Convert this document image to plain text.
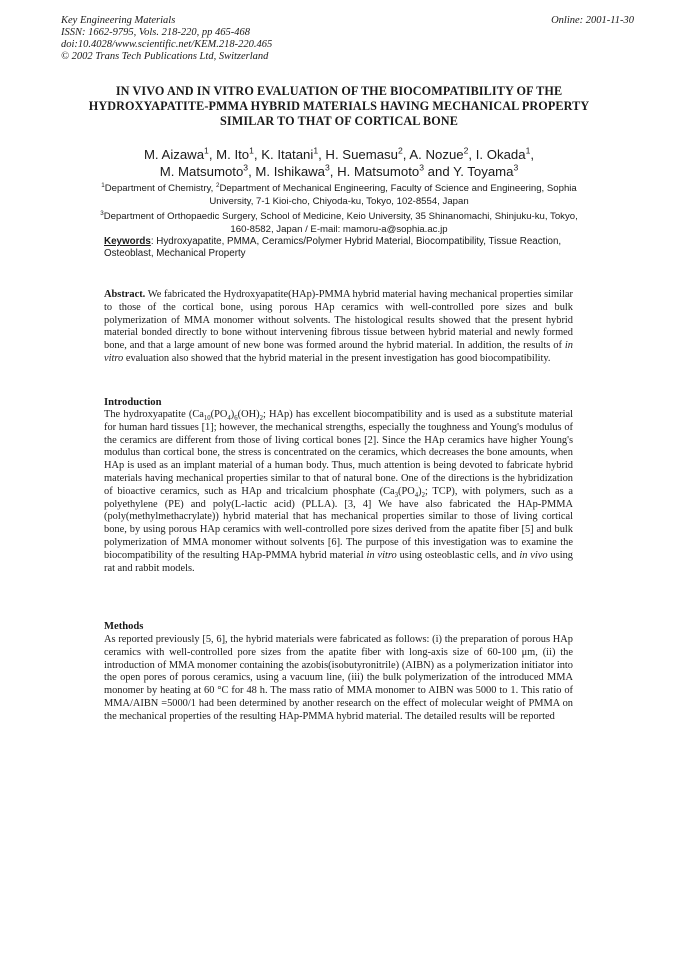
Key Engineering Materials
ISSN: 1662-9795, Vols. 218-220, pp 465-468
doi:10.4028/www.scientific.net/KEM.218-220.465
© 2002 Trans Tech Publications Ltd, Switzerland
Online: 2001-11-30
IN VIVO AND IN VITRO EVALUATION OF THE BIOCOMPATIBILITY OF THE HYDROXYAPATITE-PMMA HYBRID MATERIALS HAVING MECHANICAL PROPERTY SIMILAR TO THAT OF CORTICAL BONE
M. Aizawa$^1$, M. Ito$^1$, K. Itatani$^1$, H. Suemasu$^2$, A. Nozue$^2$, I. Okada$^1$,
M. Matsumoto$^3$, M. Ishikawa$^3$, H. Matsumoto$^3$ and Y. Toyama$^3$
$^1$Department of Chemistry, $^2$Department of Mechanical Engineering, Faculty of Science and Engineering, Sophia University, 7-1 Kioi-cho, Chiyoda-ku, Tokyo, 102-8554, Japan
$^3$Department of Orthopaedic Surgery, School of Medicine, Keio University, 35 Shinanomachi, Shinjuku-ku, Tokyo, 160-8582, Japan / E-mail: mamoru-a@sophia.ac.jp
Keywords: Hydroxyapatite, PMMA, Ceramics/Polymer Hybrid Material, Biocompatibility, Tissue Reaction, Osteoblast, Mechanical Property
Abstract. We fabricated the Hydroxyapatite(HAp)-PMMA hybrid material having mechanical properties similar to those of the cortical bone, using porous HAp ceramics with well-controlled pore sizes and bulk polymerization of MMA monomer without solvents. The histological results showed that the present hybrid material bonded directly to bone without intervening fibrous tissue between hybrid material and newly formed bone, and that a large amount of new bone was formed around the hybrid material. In addition, the results of in vitro evaluation also showed that the hybrid material in the present investigation has good biocompatibility.
Introduction
The hydroxyapatite ($Ca_{10}(PO_4)_6(OH)_2$; HAp) has excellent biocompatibility and is used as a substitute material for human hard tissues [1]; however, the mechanical strengths, especially the toughness and Young's modulus of the ceramics are different from those of living cortical bones [2]. Since the HAp ceramics have higher Young's modulus than cortical bone, the stress is concentrated on the ceramics, which decreases the bone amounts, when HAp is used as an implant material of a human body. Thus, much attention is being devoted to fabricate hybrid materials having mechanical properties similar to that of natural bone. One of the directions is the hybridization of bioactive ceramics, such as HAp and tricalcium phosphate ($Ca_3(PO_4)_2$; TCP), with polymers, such as a polyethylene (PE) and poly(L-lactic acid) (PLLA). [3, 4] We have also fabricated the HAp-PMMA (poly(methylmethacrylate)) hybrid material that has mechanical properties similar to those of living cortical bone, by using porous HAp ceramics with well-controlled pore sizes derived from the apatite fiber [5] and bulk polymerization of MMA monomer without solvents [6]. The purpose of this investigation was to examine the biocompatibility of the resulting HAp-PMMA hybrid material in vitro using osteoblastic cells, and in vivo using rat and rabbit models.
Methods
As reported previously [5, 6], the hybrid materials were fabricated as follows: (i) the preparation of porous HAp ceramics with well-controlled pore sizes from the apatite fiber with long-axis size of 60-100 μm, (ii) the introduction of MMA monomer containing the azobis(isobutyronitrile) (AIBN) as a polymerization initiator into the open pores of porous ceramics, using a vacuum line, (iii) the bulk polymerization of the introduced MMA monomer by heating at 60 °C for 48 h. The mass ratio of MMA monomer to AIBN was 5000 to 1. This ratio of MMA/AIBN =5000/1 had been determined by another research on the effect of molecular weight of PMMA on the mechanical properties of the resulting HAp-PMMA hybrid material. The detailed results will be reported
